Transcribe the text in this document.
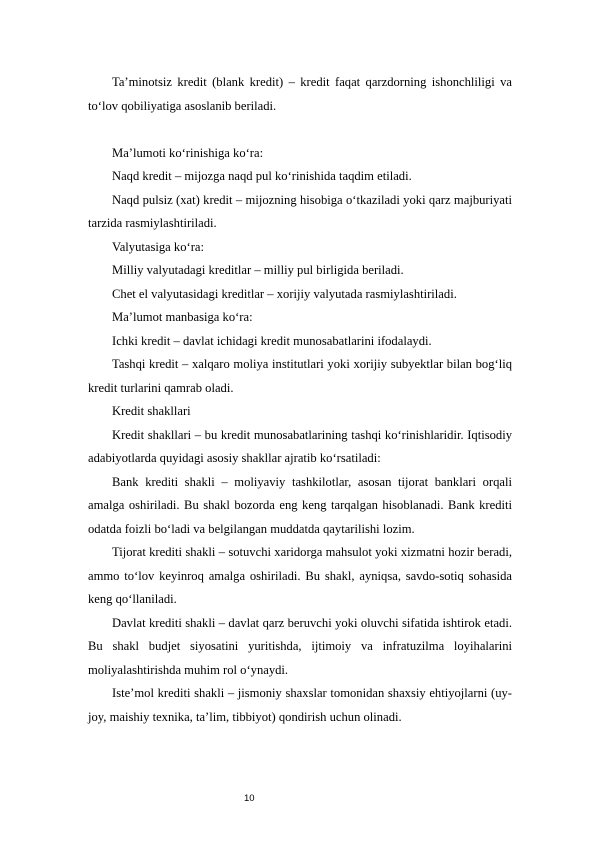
Ta’minotsiz kredit (blank kredit) – kredit faqat qarzdorning ishonchliligi va to‘lov qobiliyatiga asoslanib beriladi.

Ma’lumoti ko‘rinishiga ko‘ra:

Naqd kredit – mijozga naqd pul ko‘rinishida taqdim etiladi.

Naqd pulsiz (xat) kredit – mijozning hisobiga o‘tkaziladi yoki qarz majburiyati tarzida rasmiylashtiriladi.

Valyutasiga ko‘ra:

Milliy valyutadagi kreditlar – milliy pul birligida beriladi.

Chet el valyutasidagi kreditlar – xorijiy valyutada rasmiylashtiriladi.

Ma’lumot manbasiga ko‘ra:

Ichki kredit – davlat ichidagi kredit munosabatlarini ifodalaydi.

Tashqi kredit – xalqaro moliya institutlari yoki xorijiy subyektlar bilan bog‘liq kredit turlarini qamrab oladi.

Kredit shakllari

Kredit shakllari – bu kredit munosabatlarining tashqi ko‘rinishlaridir. Iqtisodiy adabiyotlarda quyidagi asosiy shakllar ajratib ko‘rsatiladi:

Bank krediti shakli – moliyaviy tashkilotlar, asosan tijorat banklari orqali amalga oshiriladi. Bu shakl bozorda eng keng tarqalgan hisoblanadi. Bank krediti odatda foizli bo‘ladi va belgilangan muddatda qaytarilishi lozim.

Tijorat krediti shakli – sotuvchi xaridorga mahsulot yoki xizmatni hozir beradi, ammo to‘lov keyinroq amalga oshiriladi. Bu shakl, ayniqsa, savdo-sotiq sohasida keng qo‘llaniladi.

Davlat krediti shakli – davlat qarz beruvchi yoki oluvchi sifatida ishtirok etadi. Bu shakl budjet siyosatini yuritishda, ijtimoiy va infratuzilma loyihalarini moliyalashtirishda muhim rol o‘ynaydi.

Iste’mol krediti shakli – jismoniy shaxslar tomonidan shaxsiy ehtiyojlarni (uy-joy, maishiy texnika, ta’lim, tibbiyot) qondirish uchun olinadi.

10
